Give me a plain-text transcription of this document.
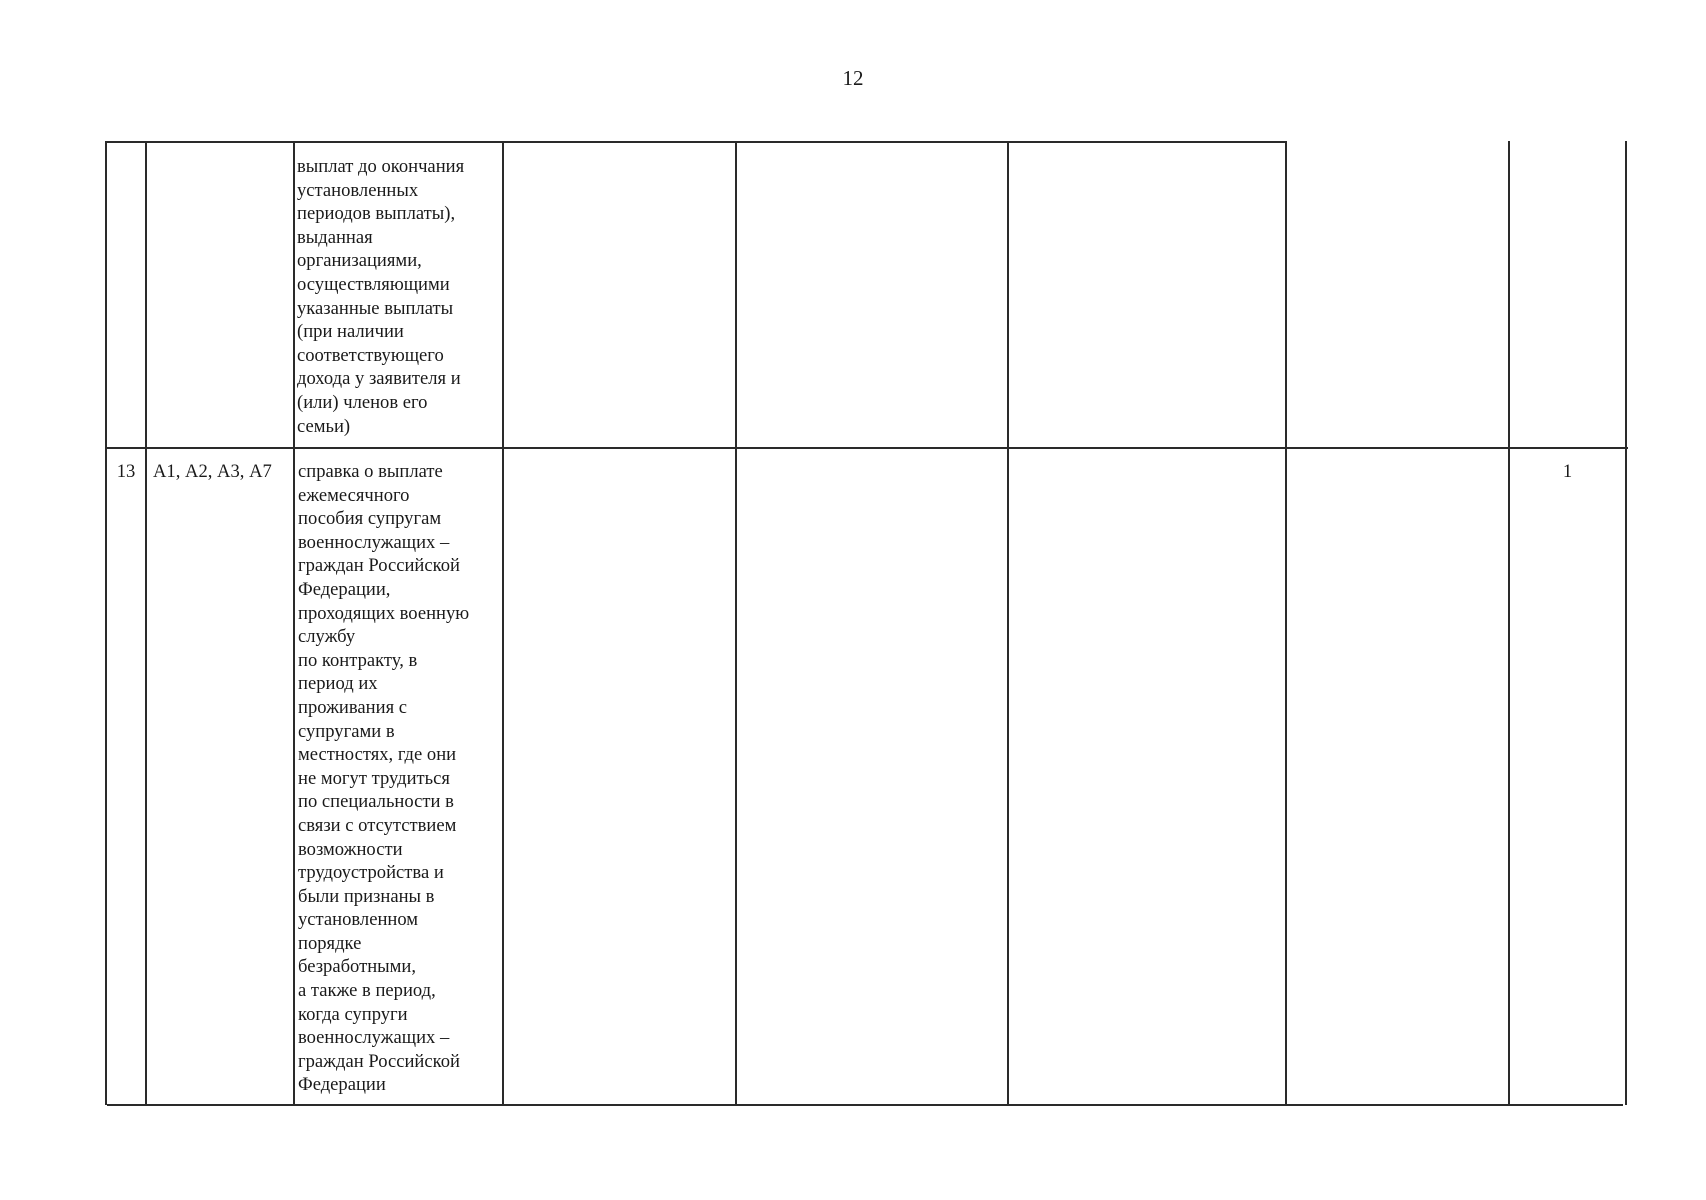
12
выплат до окончания
установленных
периодов выплаты),
выданная
организациями,
осуществляющими
указанные выплаты
(при наличии
соответствующего
дохода у заявителя и
(или) членов его
семьи)
13 А1, А2, А3, А7	справка о выплате
ежемесячного
пособия супругам
военнослужащих –
граждан Российской
Федерации,
проходящих военную
службу
по контракту, в
период их
проживания с
супругами в
местностях, где они
не могут трудиться
по специальности в
связи с отсутствием
возможности
трудоустройства и
были признаны в
установленном
порядке
безработными,
а также в период,
когда супруги
военнослужащих –
граждан Российской
Федерации
1
